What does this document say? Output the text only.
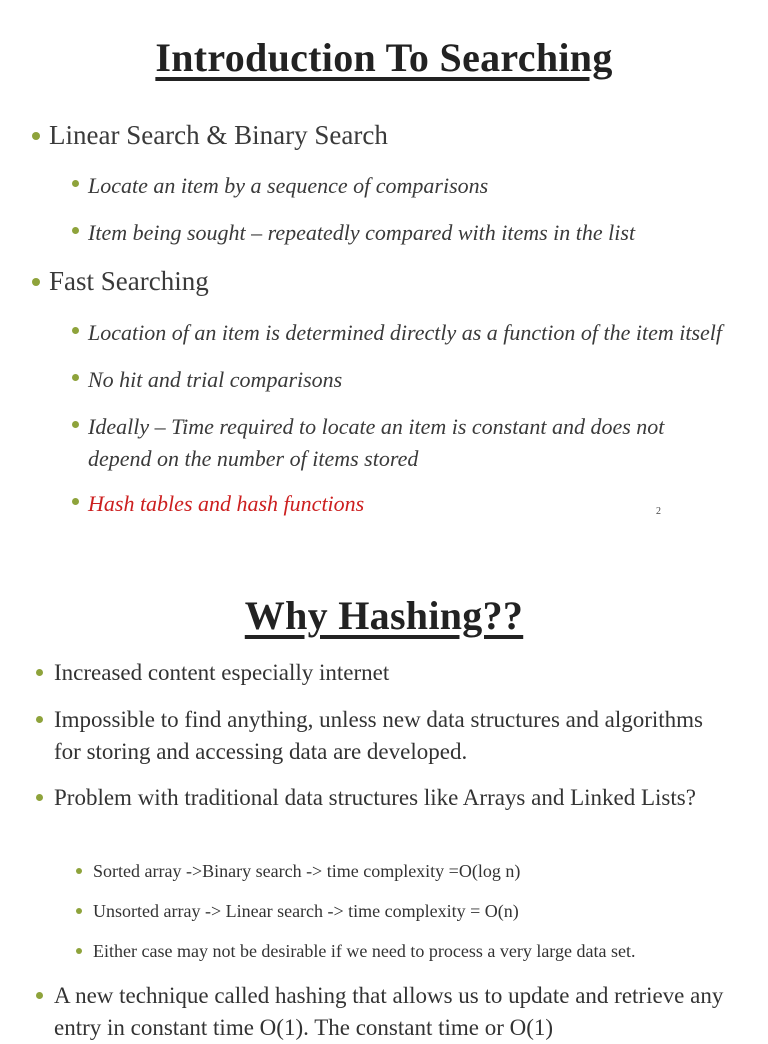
Introduction To Searching
Linear Search & Binary Search
Locate an item by a sequence of comparisons
Item being sought – repeatedly compared with items in the list
Fast Searching
Location of an item is determined directly as a function of the item itself
No hit and trial comparisons
Ideally – Time required to locate an item is constant and does not depend on the number of items stored
Hash tables and hash functions	2
Why Hashing??
Increased content especially internet
Impossible to find anything, unless new data structures and algorithms for storing and accessing data are developed.
Problem with traditional data structures like Arrays and Linked Lists?
Sorted array ->Binary search -> time complexity =O(log n)
Unsorted array -> Linear search -> time complexity = O(n)
Either case may not be desirable if we need to process a very large data set.
A new technique called hashing that allows us to update and retrieve any entry in constant time O(1). The constant time or O(1)
